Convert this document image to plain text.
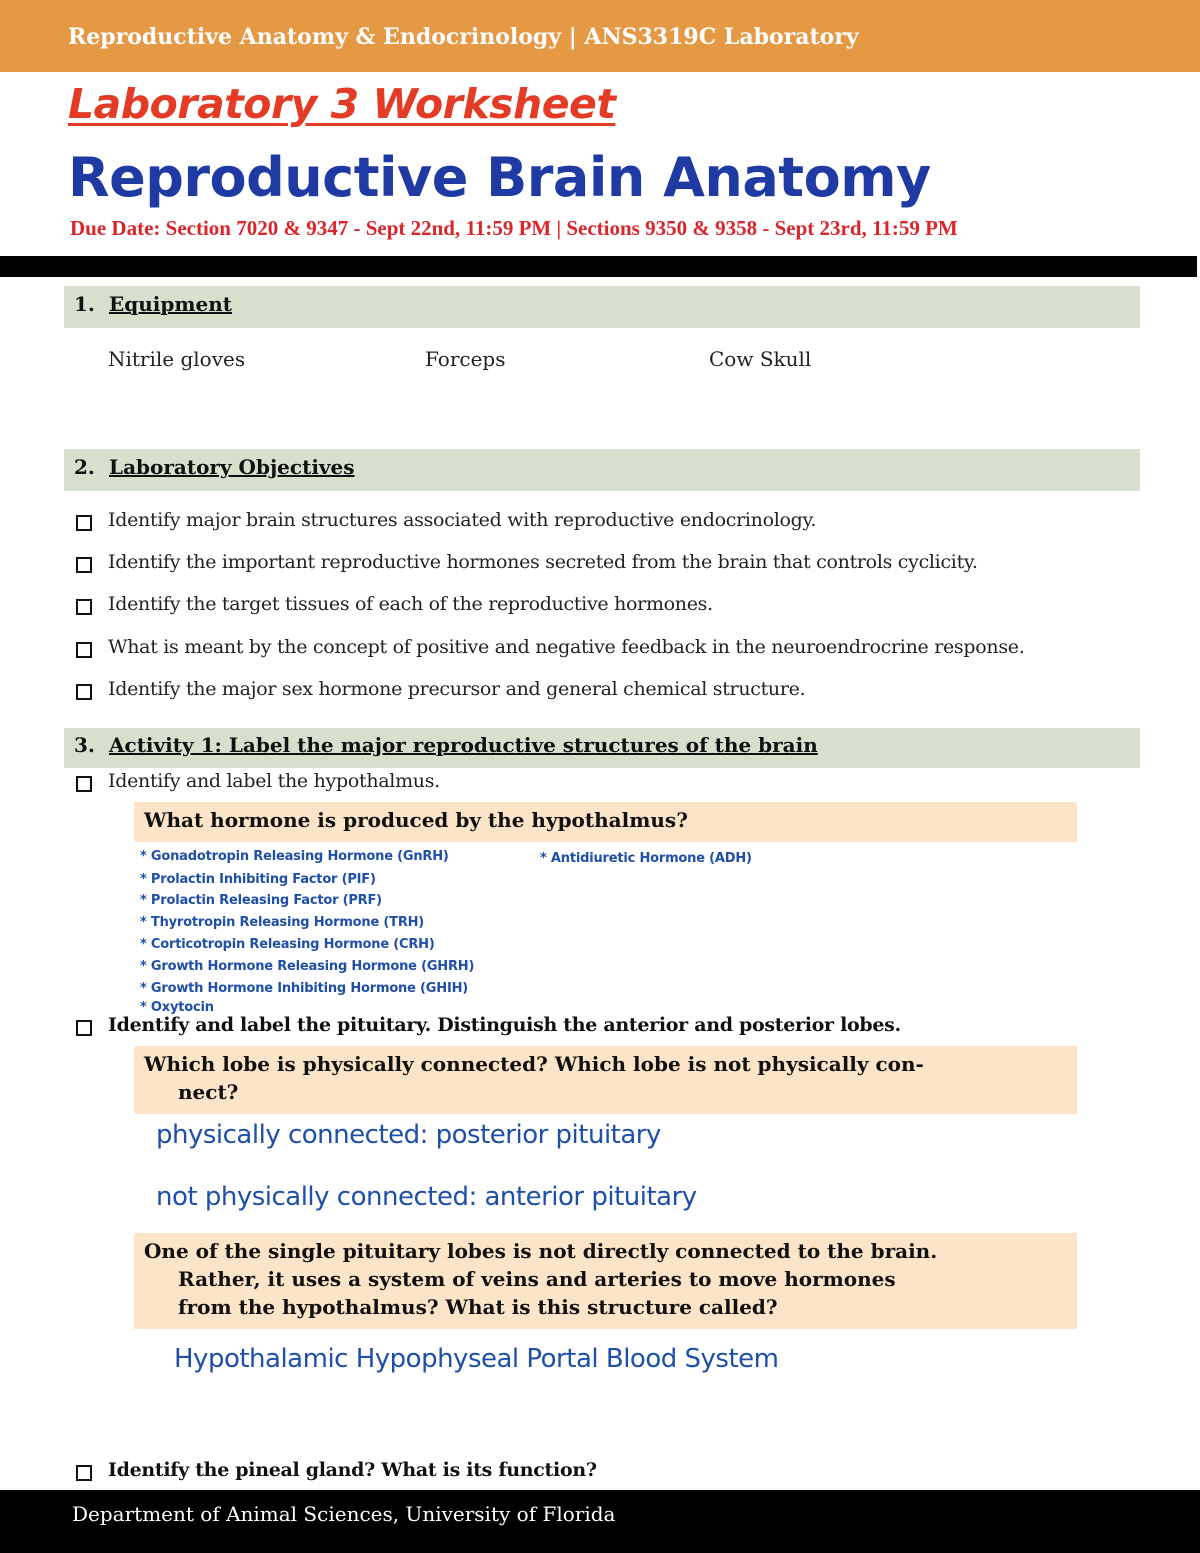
Reproductive Anatomy & Endocrinology | ANS3319C Laboratory
Laboratory 3 Worksheet
Reproductive Brain Anatomy
Due Date: Section 7020 & 9347 - Sept 22nd, 11:59 PM | Sections 9350 & 9358 - Sept 23rd, 11:59 PM
1. Equipment
Nitrile gloves	Forceps	Cow Skull
2. Laboratory Objectives
Identify major brain structures associated with reproductive endocrinology.
Identify the important reproductive hormones secreted from the brain that controls cyclicity.
Identify the target tissues of each of the reproductive hormones.
What is meant by the concept of positive and negative feedback in the neuroendrocrine response.
Identify the major sex hormone precursor and general chemical structure.
3. Activity 1: Label the major reproductive structures of the brain
Identify and label the hypothalmus.
What hormone is produced by the hypothalmus?
* Gonadotropin Releasing Hormone (GnRH)	* Antidiuretic Hormone (ADH)
* Prolactin Inhibiting Factor (PIF)
* Prolactin Releasing Factor (PRF)
* Thyrotropin Releasing Hormone (TRH)
* Corticotropin Releasing Hormone (CRH)
* Growth Hormone Releasing Hormone (GHRH)
* Growth Hormone Inhibiting Hormone (GHIH)
* Oxytocin
Identify and label the pituitary. Distinguish the anterior and posterior lobes.
Which lobe is physically connected? Which lobe is not physically con-
nect?
physically connected: posterior pituitary
not physically connected: anterior pituitary
One of the single pituitary lobes is not directly connected to the brain.
Rather, it uses a system of veins and arteries to move hormones
from the hypothalmus? What is this structure called?
Hypothalamic Hypophyseal Portal Blood System
Identify the pineal gland? What is its function?
Department of Animal Sciences, University of Florida
